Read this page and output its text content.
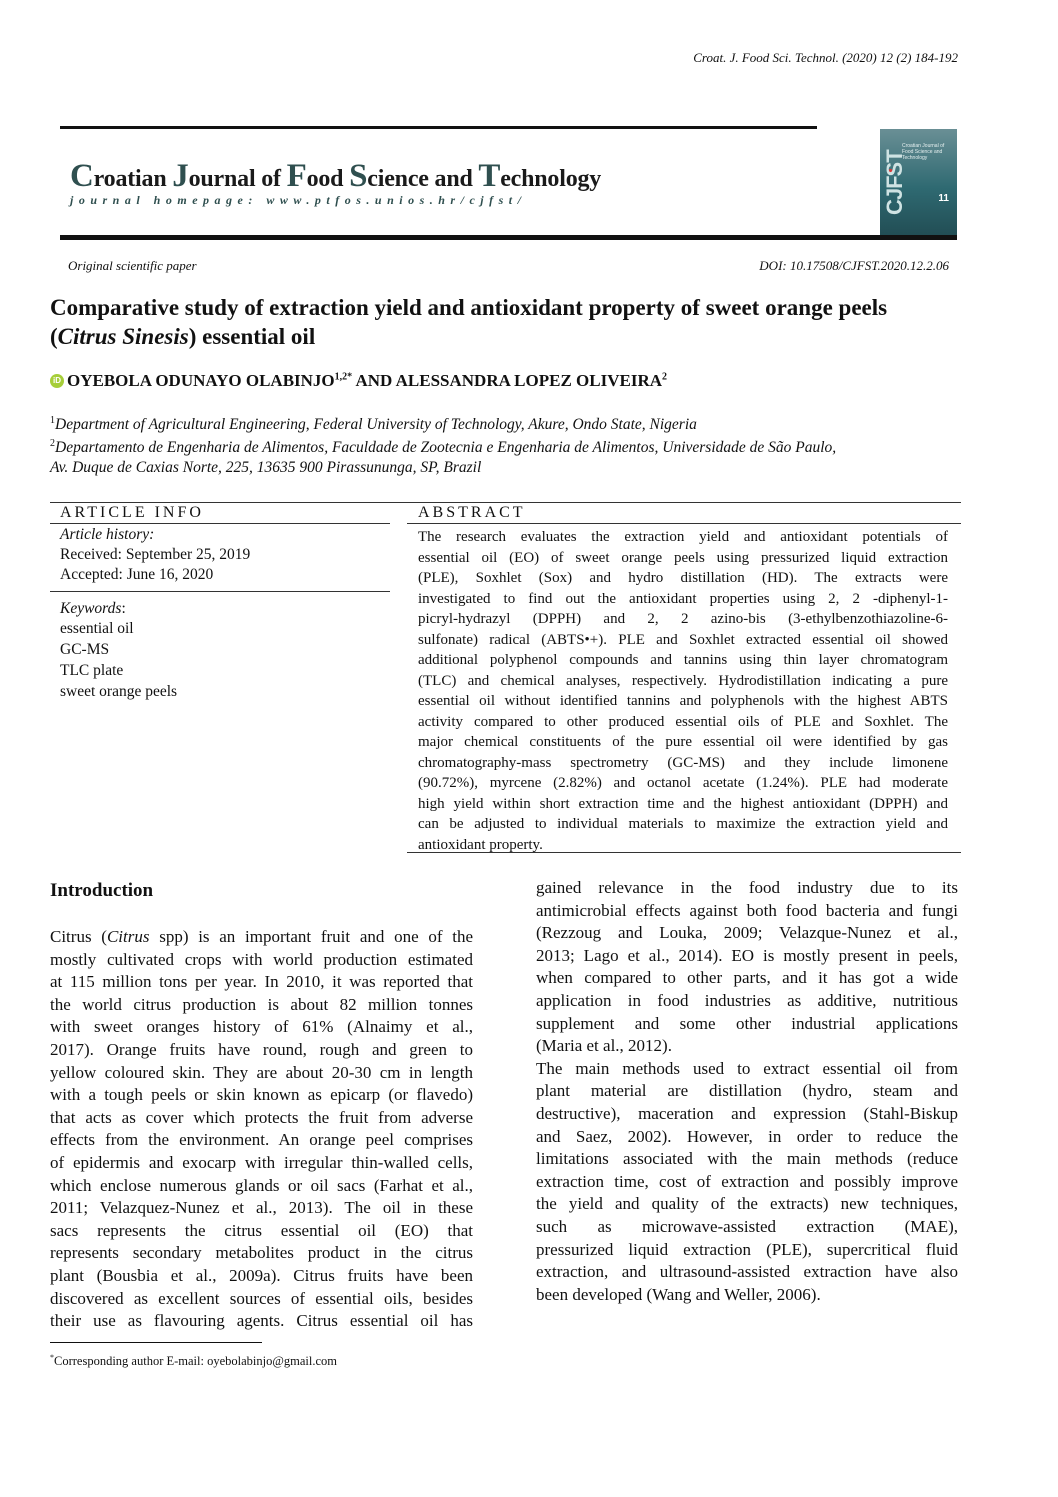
Croat. J. Food Sci. Technol. (2020) 12 (2) 184-192
Croatian Journal of Food Science and Technology
journal homepage: www.ptfos.unios.hr/cjfst/
Croatian Journal of Food Science and Technology
CJFST	11
Original scientific paper	DOI: 10.17508/CJFST.2020.12.2.06
Comparative study of extraction yield and antioxidant property of sweet orange peels
(Citrus Sinesis) essential oil
iD OYEBOLA ODUNAYO $OLABINJO^{1,2*}$ AND ALESSANDRA LOPEZ OLIVEIRA$^2$
$^1$Department of Agricultural Engineering, Federal University of Technology, Akure, Ondo State, Nigeria
$^2$Departamento de Engenharia de Alimentos, Faculdade de Zootecnia e Engenharia de Alimentos, Universidade de São Paulo,
Av. Duque de Caxias Norte, 225, 13635 900 Pirassununga, SP, Brazil
ARTICLE INFO	ABSTRACT
Article history:
Received: September 25, 2019
Accepted: June 16, 2020
Keywords:
essential oil
GC-MS
TLC plate
sweet orange peels
The research evaluates the extraction yield and antioxidant potentials of
essential oil (EO) of sweet orange peels using pressurized liquid extraction
(PLE), Soxhlet (Sox) and hydro distillation (HD). The extracts were
investigated to find out the antioxidant properties using 2, 2 -diphenyl-1-
picryl-hydrazyl (DPPH) and 2, 2 azino-bis (3-ethylbenzothiazoline-6-
sulfonate) radical (ABTS•+). PLE and Soxhlet extracted essential oil showed
additional polyphenol compounds and tannins using thin layer chromatogram
(TLC) and chemical analyses, respectively. Hydrodistillation indicating a pure
essential oil without identified tannins and polyphenols with the highest ABTS
activity compared to other produced essential oils of PLE and Soxhlet. The
major chemical constituents of the pure essential oil were identified by gas
chromatography-mass spectrometry (GC-MS) and they include limonene
(90.72%), myrcene (2.82%) and octanol acetate (1.24%). PLE had moderate
high yield within short extraction time and the highest antioxidant (DPPH) and
can be adjusted to individual materials to maximize the extraction yield and
antioxidant property.
Introduction
Citrus (Citrus spp) is an important fruit and one of the
mostly cultivated crops with world production estimated
at 115 million tons per year. In 2010, it was reported that
the world citrus production is about 82 million tonnes
with sweet oranges history of 61% (Alnaimy et al.,
2017). Orange fruits have round, rough and green to
yellow coloured skin. They are about 20-30 cm in length
with a tough peels or skin known as epicarp (or flavedo)
that acts as cover which protects the fruit from adverse
effects from the environment. An orange peel comprises
of epidermis and exocarp with irregular thin-walled cells,
which enclose numerous glands or oil sacs (Farhat et al.,
2011; Velazquez-Nunez et al., 2013). The oil in these
sacs represents the citrus essential oil (EO) that
represents secondary metabolites product in the citrus
plant (Bousbia et al., 2009a). Citrus fruits have been
discovered as excellent sources of essential oils, besides
their use as flavouring agents. Citrus essential oil has
gained relevance in the food industry due to its
antimicrobial effects against both food bacteria and fungi
(Rezzoug and Louka, 2009; Velazque-Nunez et al.,
2013; Lago et al., 2014). EO is mostly present in peels,
when compared to other parts, and it has got a wide
application in food industries as additive, nutritious
supplement and some other industrial applications
(Maria et al., 2012).
The main methods used to extract essential oil from
plant material are distillation (hydro, steam and
destructive), maceration and expression (Stahl-Biskup
and Saez, 2002). However, in order to reduce the
limitations associated with the main methods (reduce
extraction time, cost of extraction and possibly improve
the yield and quality of the extracts) new techniques,
such as microwave-assisted extraction (MAE),
pressurized liquid extraction (PLE), supercritical fluid
extraction, and ultrasound-assisted extraction have also
been developed (Wang and Weller, 2006).
*Corresponding author E-mail: oyebolabinjo@gmail.com
